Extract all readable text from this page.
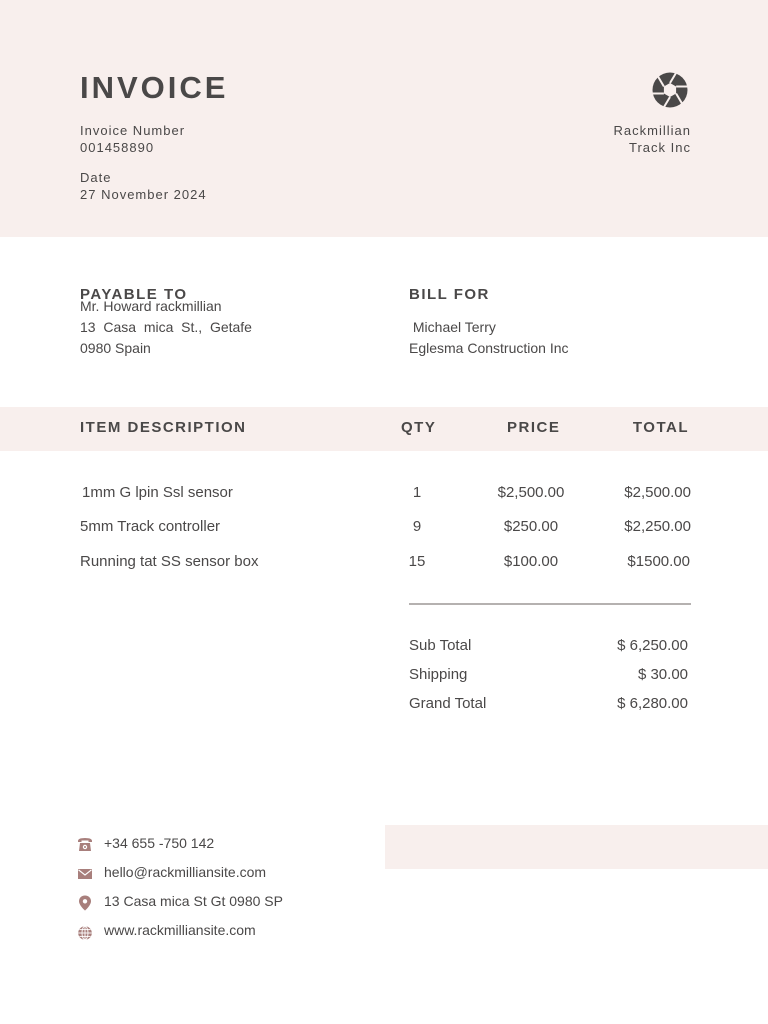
INVOICE
Invoice Number
001458890
Date
27 November 2024
Rackmillian
Track Inc
PAYABLE TO
Mr. Howard rackmillian
13  Casa  mica  St.,  Getafe
0980 Spain
BILL FOR
Michael Terry
Eglesma Construction Inc
ITEM DESCRIPTION	QTY	PRICE	TOTAL
1mm G lpin Ssl sensor	1	$2,500.00	$2,500.00
5mm Track controller	9	$250.00	$2,250.00
Running tat SS sensor box	15	$100.00	$1500.00
Sub Total	$ 6,250.00
Shipping	$ 30.00
Grand Total	$ 6,280.00
+34 655 -750 142
hello@rackmilliansite.com
13 Casa mica St Gt 0980 SP
www.rackmilliansite.com
